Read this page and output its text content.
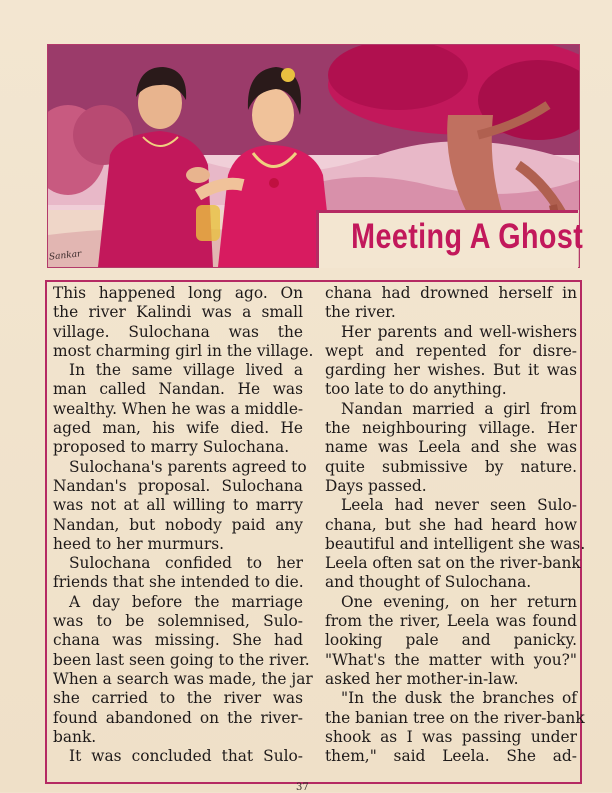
Meeting A Ghost
Sankar
This happened long ago. On
the river Kalindi was a small
village. Sulochana was the
most charming girl in the village.
In the same village lived a
man called Nandan. He was
wealthy. When he was a middle-
aged man, his wife died. He
proposed to marry Sulochana.
Sulochana's parents agreed to
Nandan's proposal. Sulochana
was not at all willing to marry
Nandan, but nobody paid any
heed to her murmurs.
Sulochana confided to her
friends that she intended to die.
A day before the marriage
was to be solemnised, Sulo-
chana was missing. She had
been last seen going to the river.
When a search was made, the jar
she carried to the river was
found abandoned on the river-
bank.
It was concluded that Sulo-
chana had drowned herself in
the river.
Her parents and well-wishers
wept and repented for disre-
garding her wishes. But it was
too late to do anything.
Nandan married a girl from
the neighbouring village. Her
name was Leela and she was
quite submissive by nature.
Days passed.
Leela had never seen Sulo-
chana, but she had heard how
beautiful and intelligent she was.
Leela often sat on the river-bank
and thought of Sulochana.
One evening, on her return
from the river, Leela was found
looking pale and panicky.
"What's the matter with you?"
asked her mother-in-law.
"In the dusk the branches of
the banian tree on the river-bank
shook as I was passing under
them," said Leela. She ad-
37
